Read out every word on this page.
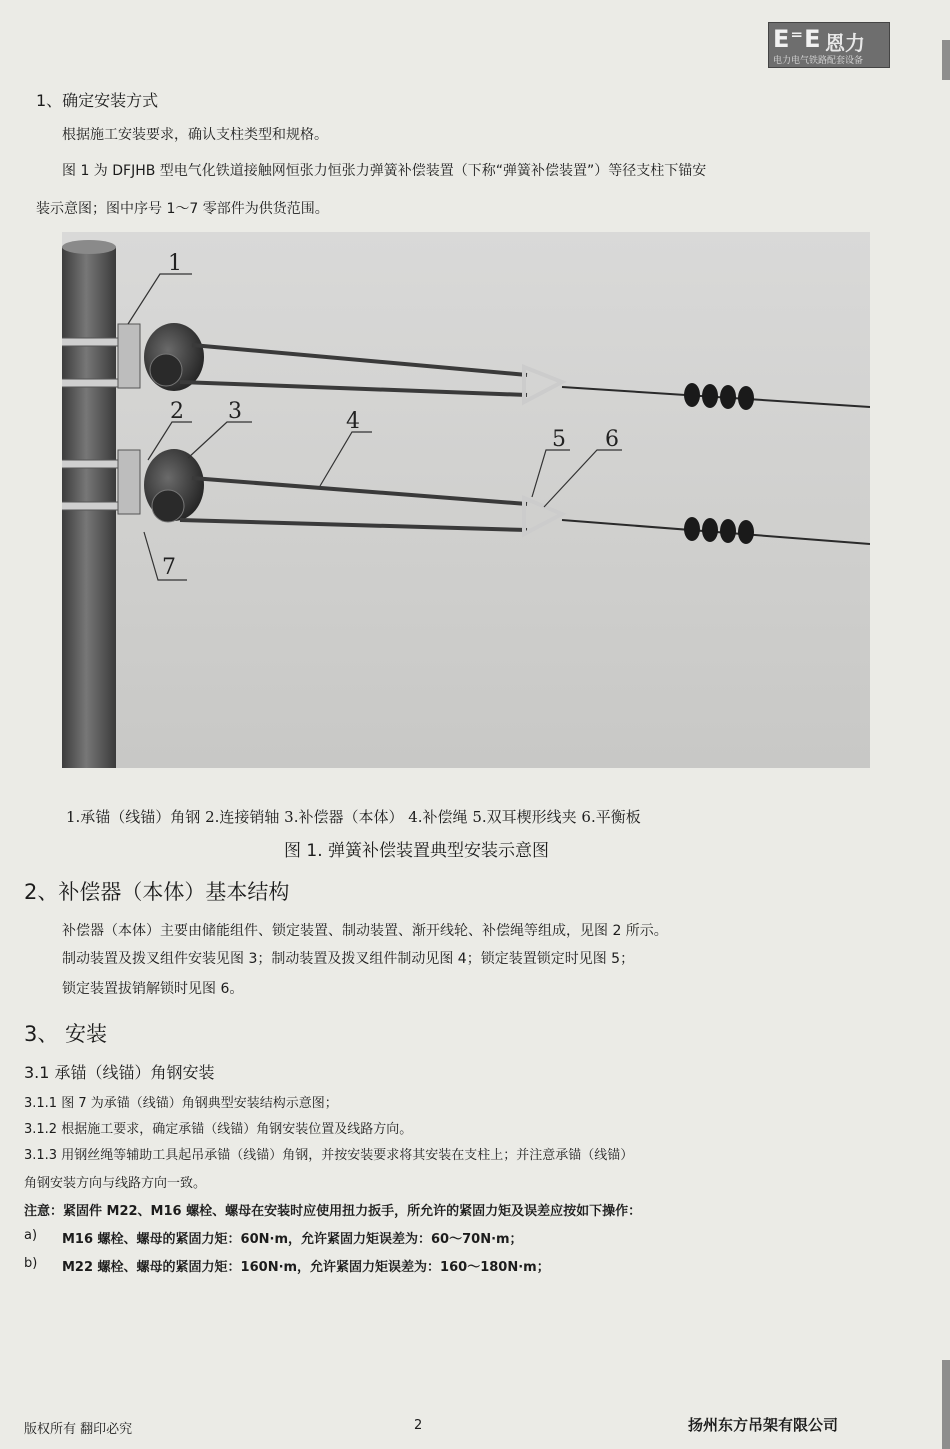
E⁼E 恩力
电力电气铁路配套设备
1、确定安装方式
根据施工安装要求，确认支柱类型和规格。
图 1 为 DFJHB 型电气化铁道接触网恒张力恒张力弹簧补偿装置（下称“弹簧补偿装置”）等径支柱下锚安
装示意图；图中序号 1～7 零部件为供货范围。
1
2 3	4
5 6
7
1.承锚（线锚）角钢 2.连接销轴 3.补偿器（本体） 4.补偿绳 5.双耳楔形线夹 6.平衡板
图 1. 弹簧补偿装置典型安装示意图
2、补偿器（本体）基本结构
补偿器（本体）主要由储能组件、锁定装置、制动装置、渐开线轮、补偿绳等组成，见图 2 所示。
制动装置及拨叉组件安装见图 3；制动装置及拨叉组件制动见图 4；锁定装置锁定时见图 5；
锁定装置拔销解锁时见图 6。
3、 安装
3.1 承锚（线锚）角钢安装
3.1.1 图 7 为承锚（线锚）角钢典型安装结构示意图；
3.1.2 根据施工要求，确定承锚（线锚）角钢安装位置及线路方向。
3.1.3 用钢丝绳等辅助工具起吊承锚（线锚）角钢，并按安装要求将其安装在支柱上；并注意承锚（线锚）
角钢安装方向与线路方向一致。
注意：紧固件 M22、M16 螺栓、螺母在安装时应使用扭力扳手，所允许的紧固力矩及误差应按如下操作：
a) M16 螺栓、螺母的紧固力矩：60N·m，允许紧固力矩误差为：60～70N·m；
b) M22 螺栓、螺母的紧固力矩：160N·m，允许紧固力矩误差为：160～180N·m；
版权所有 翻印必究	2	扬州东方吊架有限公司
